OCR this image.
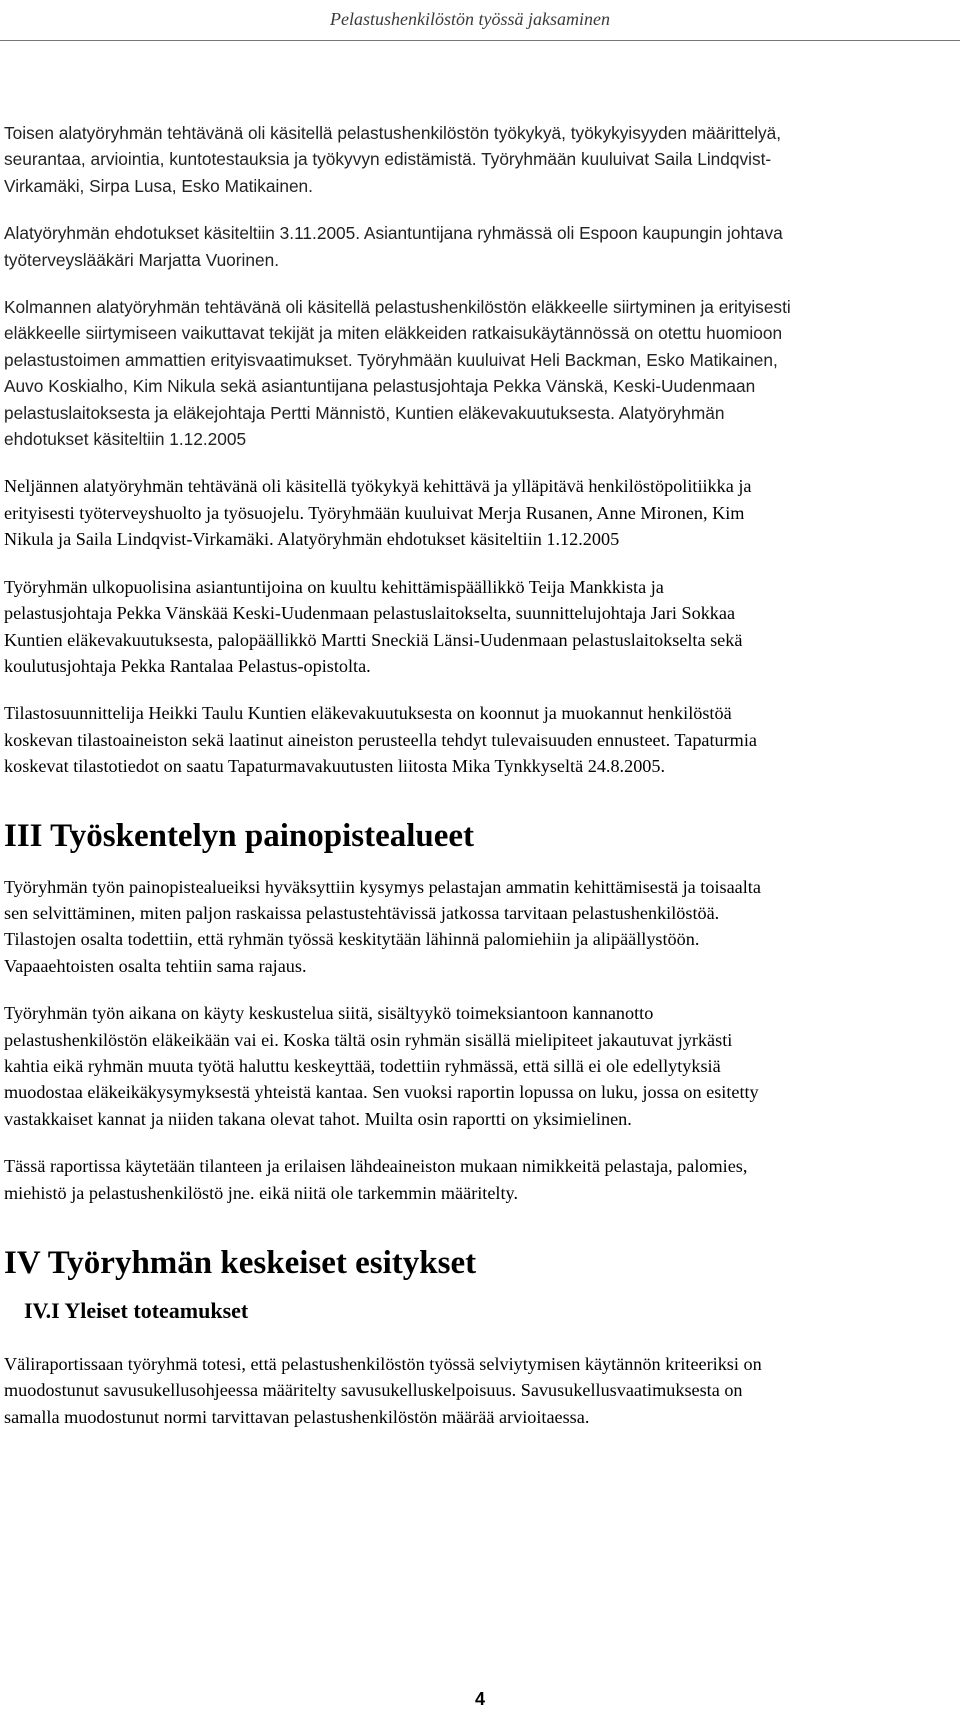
Pelastushenkilöstön työssä jaksaminen

Toisen alatyöryhmän tehtävänä oli käsitellä pelastushenkilöstön työkykyä, työkykyisyyden määrittelyä,
seurantaa, arviointia, kuntotestauksia ja työkyvyn edistämistä. Työryhmään kuuluivat Saila Lindqvist-
Virkamäki, Sirpa Lusa, Esko Matikainen.

Alatyöryhmän ehdotukset käsiteltiin 3.11.2005. Asiantuntijana ryhmässä oli Espoon kaupungin johtava
työterveyslääkäri Marjatta Vuorinen.

Kolmannen alatyöryhmän tehtävänä oli käsitellä pelastushenkilöstön eläkkeelle siirtyminen ja erityisesti
eläkkeelle siirtymiseen vaikuttavat tekijät ja miten eläkkeiden ratkaisukäytännössä on otettu huomioon
pelastustoimen ammattien erityisvaatimukset. Työryhmään kuuluivat Heli Backman, Esko Matikainen,
Auvo Koskialho, Kim Nikula sekä asiantuntijana pelastusjohtaja Pekka Vänskä, Keski-Uudenmaan
pelastuslaitoksesta ja eläkejohtaja Pertti Männistö, Kuntien eläkevakuutuksesta. Alatyöryhmän
ehdotukset käsiteltiin 1.12.2005

Neljännen alatyöryhmän tehtävänä oli käsitellä työkykyä kehittävä ja ylläpitävä henkilöstöpolitiikka ja
erityisesti työterveyshuolto ja työsuojelu. Työryhmään kuuluivat Merja Rusanen, Anne Mironen, Kim
Nikula ja Saila Lindqvist-Virkamäki. Alatyöryhmän ehdotukset käsiteltiin 1.12.2005

Työryhmän ulkopuolisina asiantuntijoina on kuultu kehittämispäällikkö Teija Mankkista ja
pelastusjohtaja Pekka Vänskää Keski-Uudenmaan pelastuslaitokselta, suunnittelujohtaja Jari Sokkaa
Kuntien eläkevakuutuksesta, palopäällikkö Martti Sneckiä Länsi-Uudenmaan pelastuslaitokselta sekä
koulutusjohtaja Pekka Rantalaa Pelastus-opistolta.

Tilastosuunnittelija Heikki Taulu Kuntien eläkevakuutuksesta on koonnut ja muokannut henkilöstöä
koskevan tilastoaineiston sekä laatinut aineiston perusteella tehdyt tulevaisuuden ennusteet. Tapaturmia
koskevat tilastotiedot on saatu Tapaturmavakuutusten liitosta Mika Tynkkyseltä 24.8.2005.

III Työskentelyn painopistealueet

Työryhmän työn painopistealueiksi hyväksyttiin kysymys pelastajan ammatin kehittämisestä ja toisaalta
sen selvittäminen, miten paljon raskaissa pelastustehtävissä jatkossa tarvitaan pelastushenkilöstöä.
Tilastojen osalta todettiin, että ryhmän työssä keskitytään lähinnä palomiehiin ja alipäällystöön.
Vapaaehtoisten osalta tehtiin sama rajaus.

Työryhmän työn aikana on käyty keskustelua siitä, sisältyykö toimeksiantoon kannanotto
pelastushenkilöstön eläkeikään vai ei. Koska tältä osin ryhmän sisällä mielipiteet jakautuvat jyrkästi
kahtia eikä ryhmän muuta työtä haluttu keskeyttää, todettiin ryhmässä, että sillä ei ole edellytyksiä
muodostaa eläkeikäkysymyksestä yhteistä kantaa. Sen vuoksi raportin lopussa on luku, jossa on esitetty
vastakkaiset kannat ja niiden takana olevat tahot. Muilta osin raportti on yksimielinen.

Tässä raportissa käytetään tilanteen ja erilaisen lähdeaineiston mukaan nimikkeitä pelastaja, palomies,
miehistö ja pelastushenkilöstö jne. eikä niitä ole tarkemmin määritelty.

IV Työryhmän keskeiset esitykset
IV.I Yleiset toteamukset

Väliraportissaan työryhmä totesi, että pelastushenkilöstön työssä selviytymisen käytännön kriteeriksi on
muodostunut savusukellusohjeessa määritelty savusukelluskelpoisuus. Savusukellusvaatimuksesta on
samalla muodostunut normi tarvittavan pelastushenkilöstön määrää arvioitaessa.

4
